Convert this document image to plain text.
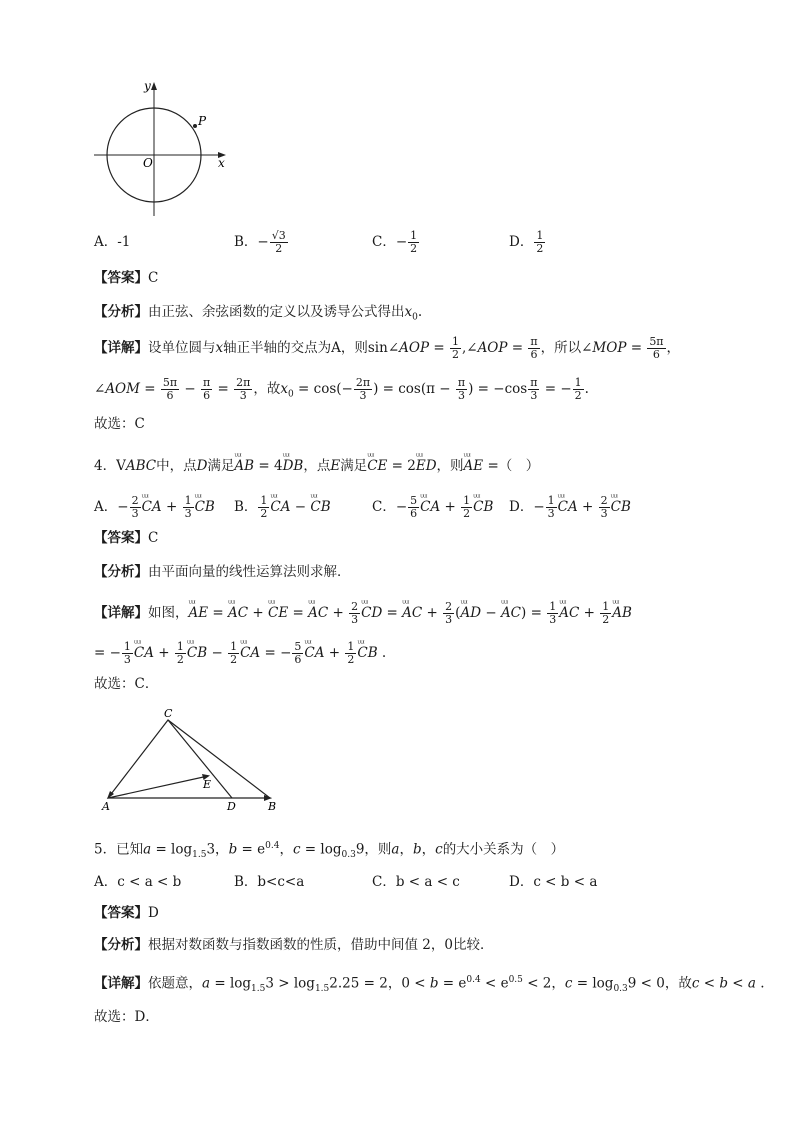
y
x
O
P
A．-1	B．− $\frac{√3}{2}$	C．− $\frac{1}{2}$	D． $\frac{1}{2}$
【答案】C
【分析】由正弦、余弦函数的定义以及诱导公式得出$x_0$.
【详解】设单位圆与x轴正半轴的交点为A，则sin∠AOP = $\frac{1}{2}$ ,∠AOP = $\frac{\pi}{6}$ ，所以∠MOP = $\frac{5\pi}{6}$ ，
∠AOM = $\frac{5\pi}{6} - \frac{\pi}{6} = \frac{2\pi}{3}$ ，故$x_0 = \cos(- \frac{2\pi}{3}$ ) = $\cos(\pi - \frac{\pi}{3}$ ) = $-\cos \frac{\pi}{3}$ = − $\frac{1}{2}$ .
故选：C
4．VABC中，点D满足ᵁᵁᴵ AB = 4ᵁᵁᴵ DB，点E满足ᵁᵁᴵ CE = 2ᵁᵁᴵ ED，则ᵁᵁᴵ AE =（　）
A．− $\frac{2}{3}$ ᵁᵁᴵ CA + $\frac{1}{3}$ ᵁᵁᴵ CB B． $\frac{1}{2}$ ᵁᵁᴵ CA − ᵁᵁᴵ CB	C．− $\frac{5}{6}$ ᵁᵁᴵ CA + $\frac{1}{2}$ ᵁᵁᴵ CB D．− $\frac{1}{3}$ ᵁᵁᴵ CA + $\frac{2}{3}$ ᵁᵁᴵ CB
【答案】C
【分析】由平面向量的线性运算法则求解．
【详解】如图，ᵁᵁᴵ AE = ᵁᵁᴵ AC + ᵁᵁᴵ CE = ᵁᵁᴵ AC + $\frac{2}{3}$ ᵁᵁᴵ CD = ᵁᵁᴵ AC + $\frac{2}{3}$ (ᵁᵁᴵ AD − ᵁᵁᴵ $AC) = \frac{1}{3}$ ᵁᵁᴵ AC + $\frac{1}{2}$ ᵁᵁᴵ AB
= − $\frac{1}{3}$ ᵁᵁᴵ CA + $\frac{1}{2}$ ᵁᵁᴵ CB − $\frac{1}{2}$ ᵁᵁᴵ CA = − $\frac{5}{6}$ ᵁᵁᴵ CA + $\frac{1}{2}$ ᵁᵁᴵ CB .
故选：C．
C
A	D	B
E
5．已知$a = \log_{1.5}3$，$b = e^{0.4}$，$c = \log_{0.3}9$，则a，b，c的大小关系为（　）
A．c < a < b	B．b<c<a	C．b < a < c	D．c < b < a
【答案】D
【分析】根据对数函数与指数函数的性质，借助中间值 2，0比较．
【详解】依题意，$a = \log_{1.5}3 > \log_{1.5}2.25 = 2$，$0 < b = e^{0.4} < e^{0.5} < 2$，$c = \log_{0.3}9 < 0$，故c < b < a .
故选：D．
